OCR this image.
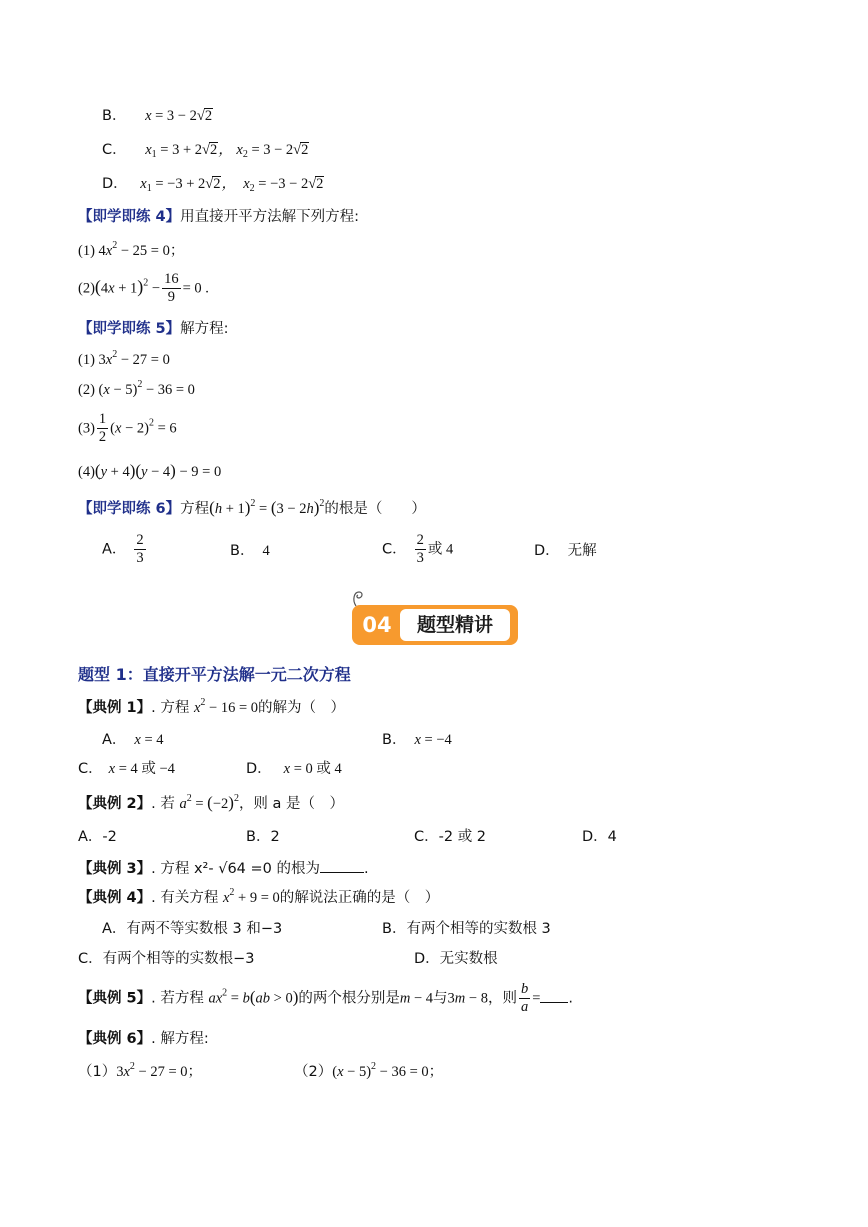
B． x = 3 − 2√2
C． $x_1 = 3 + 2√2$， $x_2 = 3 - 2√2$
D． $x_1 = -3 + 2√2$，  $x_2 = -3 - 2√2$
【即学即练 4】用直接开平方法解下列方程:
(1) $4x^2 - 25 = 0$；
$(2)(4x + 1)^2 - \frac{16}{9} = 0$ .
【即学即练 5】解方程:
(1) $3x^2 - 27 = 0$
(2) $(x - 5)^2 - 36 = 0$
$(3) \frac{1}{2} (x - 2)^2 = 6$
(4)(y + 4)(y − 4) − 9 = 0
【即学即练 6】方程$(h + 1)^2 = (3 - 2h)^2$的根是（　　）
A． $\frac{2}{3}$	B． 4	C． $\frac{2}{3}$ 或 4	D． 无解
04	题型精讲
题型 1：直接开平方法解一元二次方程
【典例 1】. 方程 $x^2 - 16 = 0$的解为（　）
A． x = 4	B． x = −4
C． x = 4 或 −4	D． x = 0 或 4
【典例 2】. 若 $a^2 = (-2)^2$，则 a 是（　）
A．-2	B．2	C．-2 或 2	D．4
【典例 3】. 方程 x²- √64 =0 的根为	.
【典例 4】. 有关方程 $x^2 + 9 = 0$的解说法正确的是（　）
A．有两不等实数根 3 和−3	B．有两个相等的实数根 3
C．有两个相等的实数根−3	D．无实数根
【典例 5】. 若方程 $ax^2 = b(ab > 0)$的两个根分别是m − 4与3m − 8，则 $\frac{b}{a}$ = .
【典例 6】. 解方程:
$(1)3x^2 - 27 = 0$；	$(2)(x - 5)^2 - 36 = 0$；
